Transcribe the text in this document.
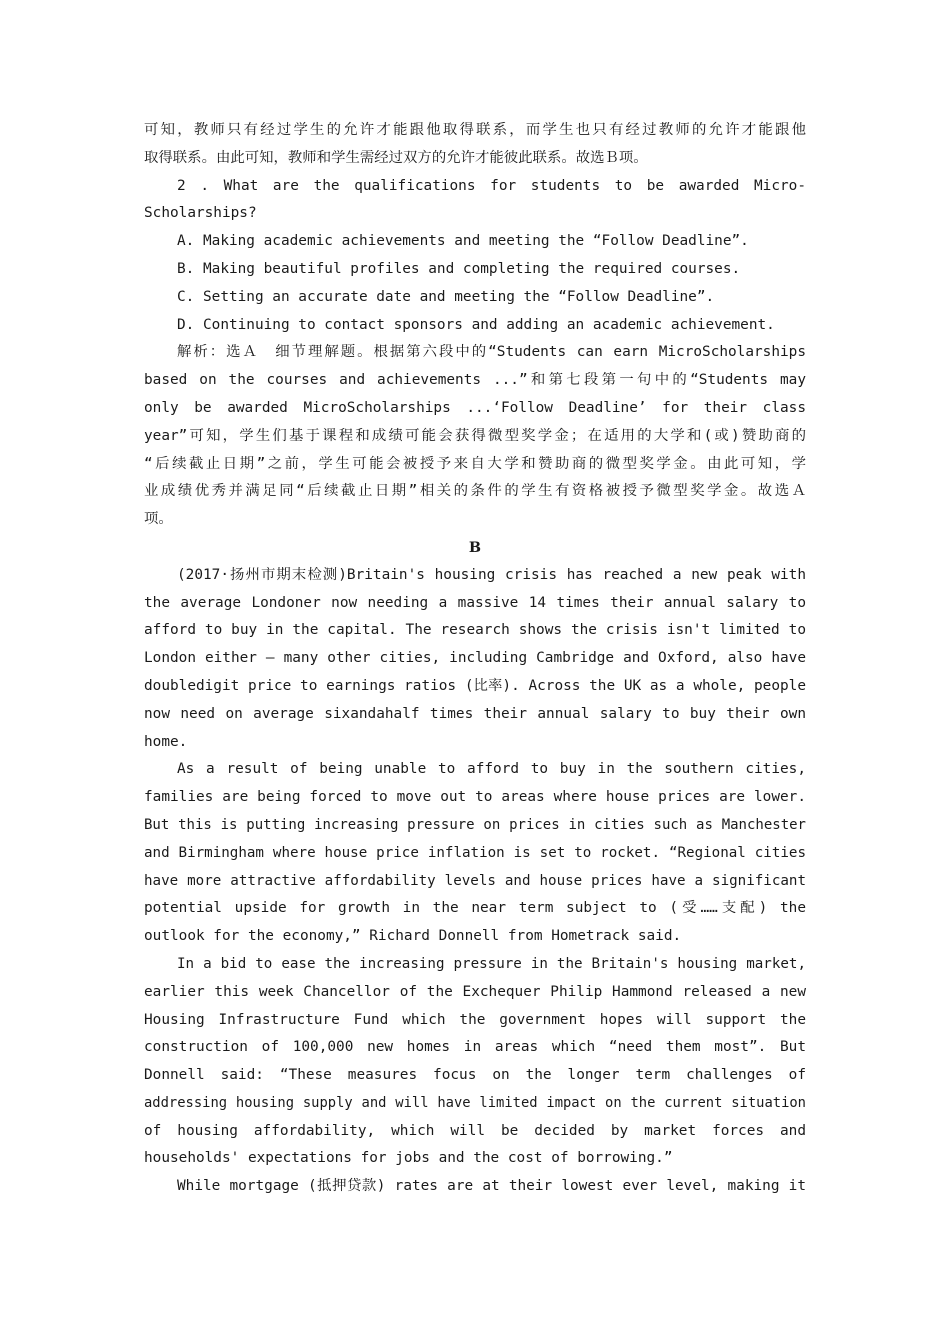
可知，教师只有经过学生的允许才能跟他取得联系，而学生也只有经过教师的允许才能跟他
取得联系。由此可知，教师和学生需经过双方的允许才能彼此联系。故选Ｂ项。
2 . What are the qualifications for students to be awarded Micro-
Scholarships?
A. Making academic achievements and meeting the “Follow Deadline”.
B. Making beautiful profiles and completing the required courses.
C. Setting an accurate date and meeting the “Follow Deadline”.
D. Continuing to contact sponsors and adding an academic achievement.
解析：选Ａ　细节理解题。根据第六段中的“Students can earn MicroScholarships
based on the courses and achievements ...”和第七段第一句中的“Students may
only be awarded MicroScholarships ...‘Follow Deadline’ for their class
year”可知，学生们基于课程和成绩可能会获得微型奖学金；在适用的大学和(或)赞助商的
“后续截止日期”之前，学生可能会被授予来自大学和赞助商的微型奖学金。由此可知，学
业成绩优秀并满足同“后续截止日期”相关的条件的学生有资格被授予微型奖学金。故选Ａ
项。
B
(2017·扬州市期末检测)Britain's housing crisis has reached a new peak with
the average Londoner now needing a massive 14 times their annual salary to
afford to buy in the capital. The research shows the crisis isn't limited to
London either — many other cities, including Cambridge and Oxford, also have
doubledigit price to earnings ratios (比率). Across the UK as a whole, people
now need on average sixandahalf times their annual salary to buy their own
home.
As a result of being unable to afford to buy in the southern cities,
families are being forced to move out to areas where house prices are lower.
But this is putting increasing pressure on prices in cities such as Manchester
and Birmingham where house price inflation is set to rocket. “Regional cities
have more attractive affordability levels and house prices have a significant
potential upside for growth in the near term subject to (受……支配) the
outlook for the economy,” Richard Donnell from Hometrack said.
In a bid to ease the increasing pressure in the Britain's housing market,
earlier this week Chancellor of the Exchequer Philip Hammond released a new
Housing Infrastructure Fund which the government hopes will support the
construction of 100,000 new homes in areas which “need them most”. But
Donnell said: “These measures focus on the longer term challenges of
addressing housing supply and will have limited impact on the current situation
of housing affordability, which will be decided by market forces and
households' expectations for jobs and the cost of borrowing.”
While mortgage (抵押贷款) rates are at their lowest ever level, making it
